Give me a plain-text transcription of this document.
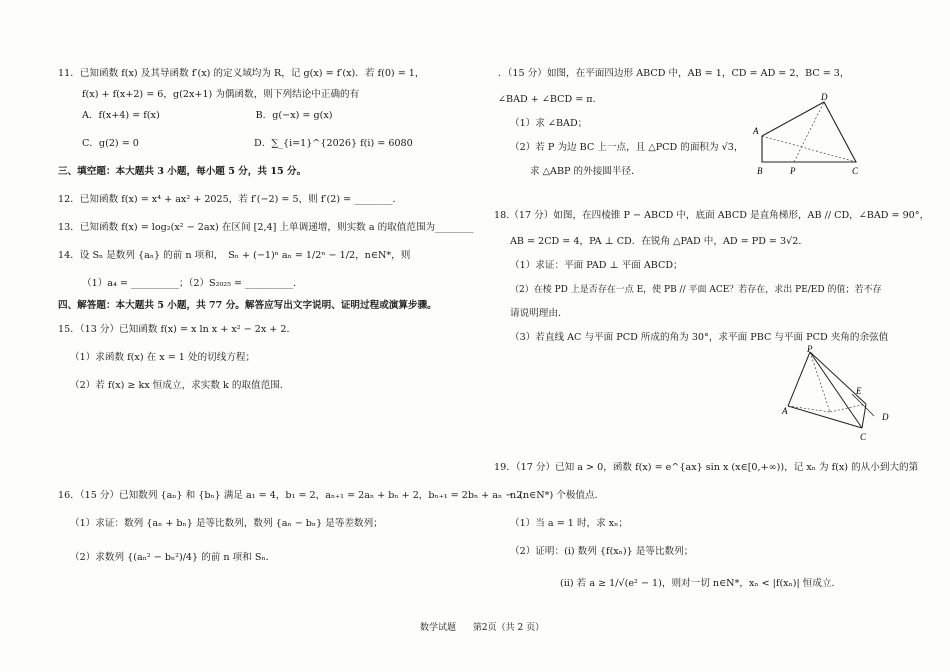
11．已知函数 f(x) 及其导函数 f′(x) 的定义域均为 R，记 g(x) = f′(x)．若 f(0) = 1，
f(x) + f(x+2) = 6，g(2x+1) 为偶函数，则下列结论中正确的有
A．f(x+4) = f(x)　　　　　　　　　　B．g(−x) = g(x)
C．g(2) = 0　　　　　　　　　　　　D．∑_{i=1}^{2026} f(i) = 6080
三、填空题：本大题共 3 小题，每小题 5 分，共 15 分。
12．已知函数 f(x) = x⁴ + ax² + 2025，若 f′(−2) = 5，则 f′(2) = ________．
13．已知函数 f(x) = log₂(x² − 2ax) 在区间 [2,4] 上单调递增，则实数 a 的取值范围为________
14．设 Sₙ 是数列 {aₙ} 的前 n 项和，　Sₙ + (−1)ⁿ aₙ = 1/2ⁿ − 1/2，n∈N*，则
（1）a₄ = __________；（2）S₂₀₂₅ = __________．
四、解答题：本大题共 5 小题，共 77 分。解答应写出文字说明、证明过程或演算步骤。
15．（13 分）已知函数 f(x) = x ln x + x² − 2x + 2．
（1）求函数 f(x) 在 x = 1 处的切线方程；
（2）若 f(x) ≥ kx 恒成立，求实数 k 的取值范围．
16．（15 分）已知数列 {aₙ} 和 {bₙ} 满足 a₁ = 4，b₁ = 2，aₙ₊₁ = 2aₙ + bₙ + 2，bₙ₊₁ = 2bₙ + aₙ − 2．
（1）求证：数列 {aₙ + bₙ} 是等比数列，数列 {aₙ − bₙ} 是等差数列；
（2）求数列 {(aₙ² − bₙ²)/4} 的前 n 项和 Sₙ．
．（15 分）如图，在平面四边形 ABCD 中，AB = 1，CD = AD = 2，BC = 3，
∠BAD + ∠BCD = π．
（1）求 ∠BAD；
（2）若 P 为边 BC 上一点，且 △PCD 的面积为 √3，
求 △ABP 的外接圆半径．
18.（17 分）如图，在四棱锥 P − ABCD 中，底面 ABCD 是直角梯形，AB // CD，∠BAD = 90°，
AB = 2CD = 4，PA ⊥ CD．在锐角 △PAD 中，AD = PD = 3√2．
（1）求证：平面 PAD ⊥ 平面 ABCD；
（2）在棱 PD 上是否存在一点 E，使 PB // 平面 ACE？若存在，求出 PE/ED 的值；若不存
请说明理由．
（3）若直线 AC 与平面 PCD 所成的角为 30°，求平面 PBC 与平面 PCD 夹角的余弦值
19．（17 分）已知 a > 0，函数 f(x) = e^{ax} sin x (x∈[0,+∞))，记 xₙ 为 f(x) 的从小到大的第
n (n∈N*) 个极值点．
（1）当 a = 1 时，求 xₙ；
（2）证明：(i) 数列 {f(xₙ)} 是等比数列；
(ii) 若 a ≥ 1/√(e² − 1)，则对一切 n∈N*，xₙ < |f(xₙ)| 恒成立．
A
B	P	C
D
P
E
D
C
A
数学试题 第2页（共 2 页）
